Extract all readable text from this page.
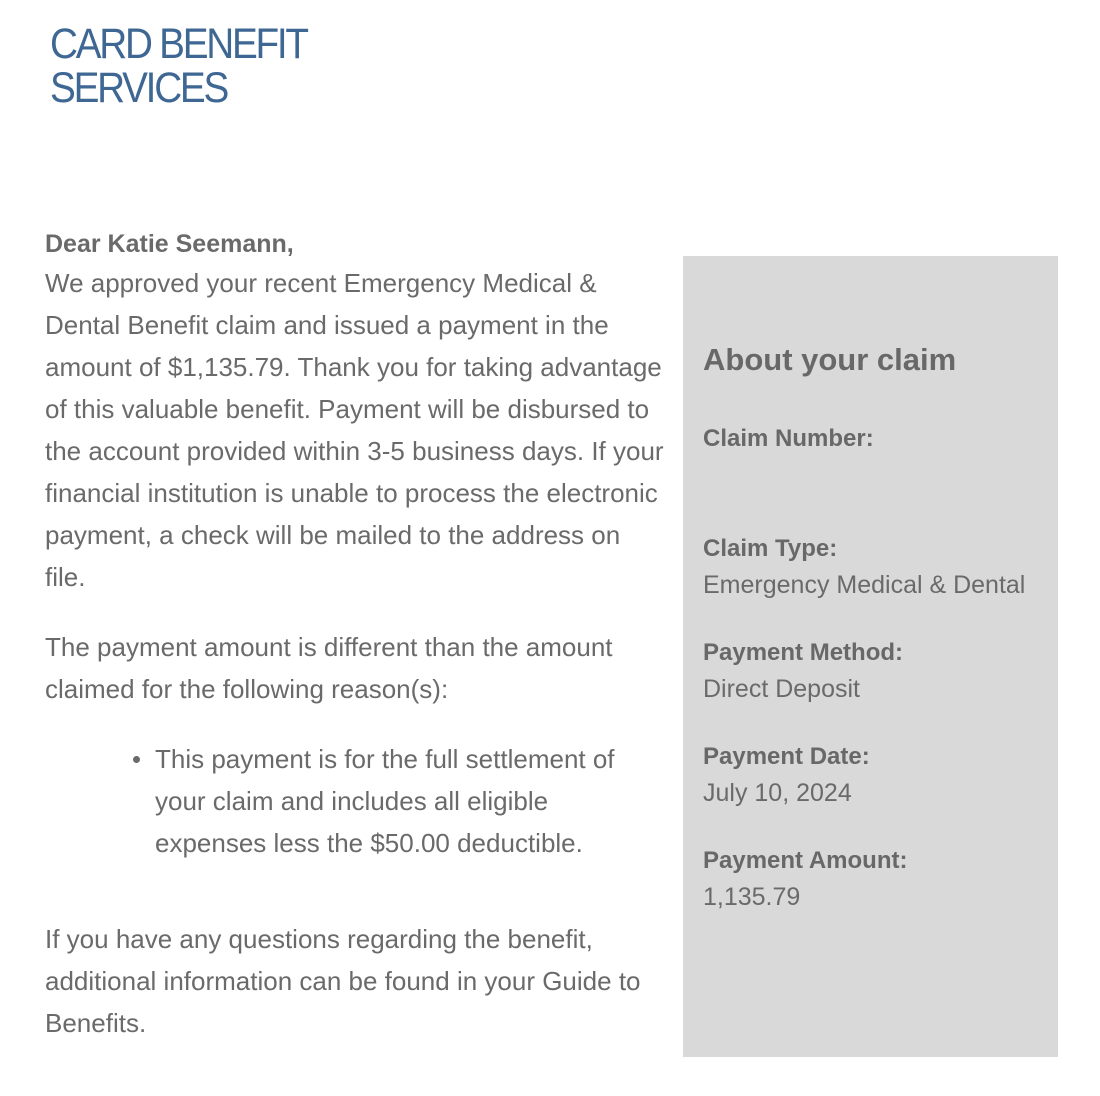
CARD BENEFIT
SERVICES

Dear Katie Seemann,

We approved your recent Emergency Medical & Dental Benefit claim and issued a payment in the amount of $1,135.79. Thank you for taking advantage of this valuable benefit. Payment will be disbursed to the account provided within 3-5 business days. If your financial institution is unable to process the electronic payment, a check will be mailed to the address on file.

The payment amount is different than the amount claimed for the following reason(s):

This payment is for the full settlement of your claim and includes all eligible expenses less the $50.00 deductible.

If you have any questions regarding the benefit, additional information can be found in your Guide to Benefits.

About your claim

Claim Number:

Claim Type:

Emergency Medical & Dental

Payment Method:

Direct Deposit

Payment Date:

July 10, 2024

Payment Amount:

1,135.79
